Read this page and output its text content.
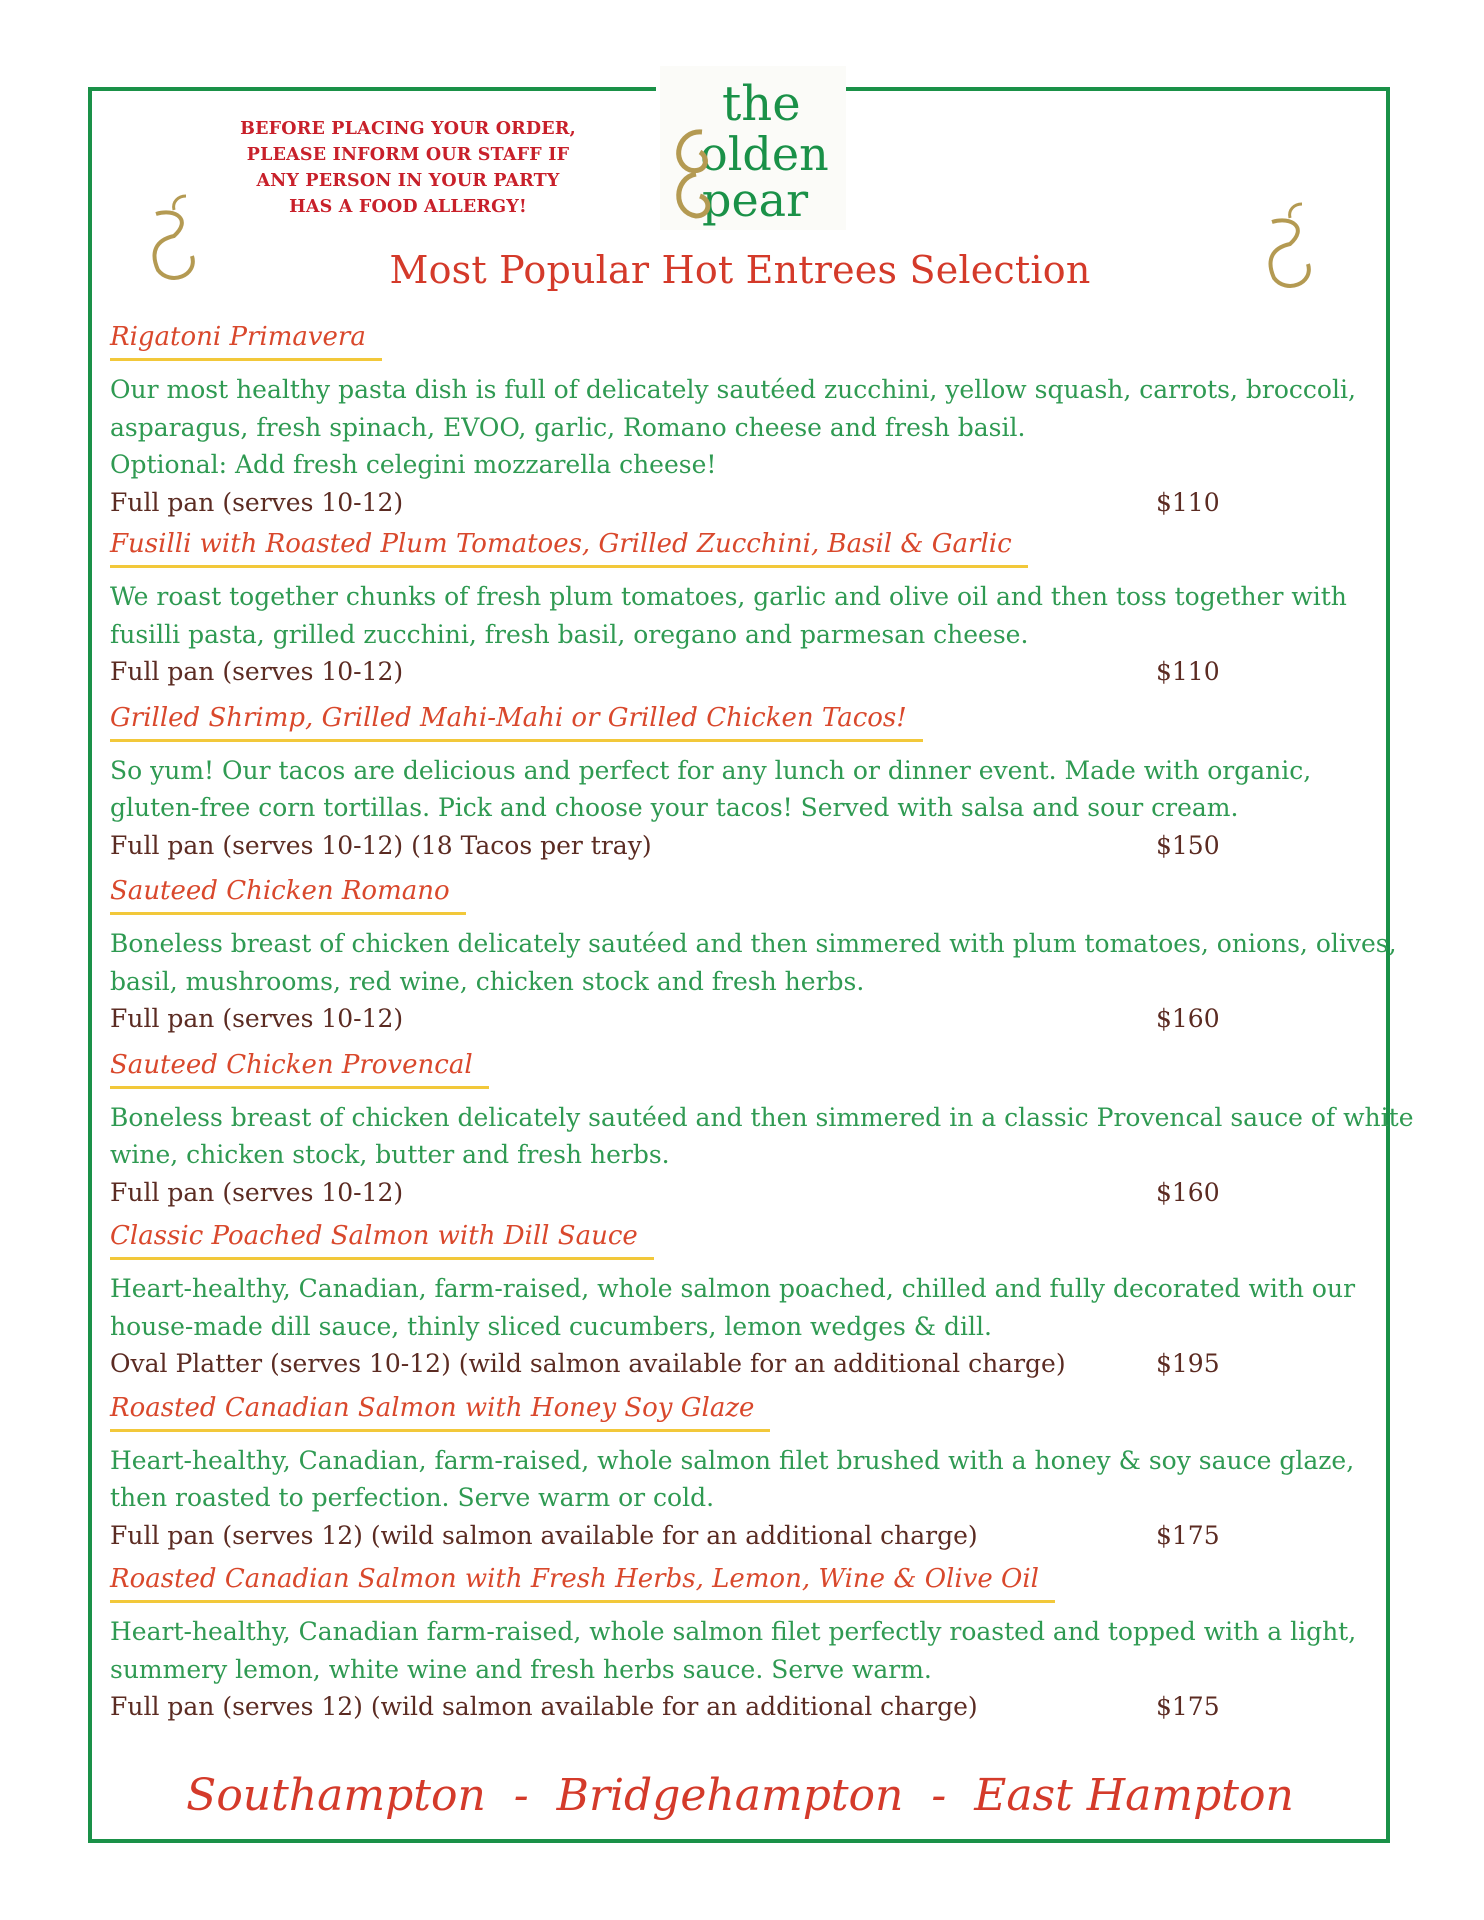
the
olden
pear
BEFORE PLACING YOUR ORDER,
PLEASE INFORM OUR STAFF IF
ANY PERSON IN YOUR PARTY
HAS A FOOD ALLERGY!
Most Popular Hot Entrees Selection
Rigatoni Primavera
Our most healthy pasta dish is full of delicately sautéed zucchini, yellow squash, carrots, broccoli,
asparagus, fresh spinach, EVOO, garlic, Romano cheese and fresh basil.
Optional: Add fresh celegini mozzarella cheese!
Full pan (serves 10-12)	$110
Fusilli with Roasted Plum Tomatoes, Grilled Zucchini, Basil & Garlic
We roast together chunks of fresh plum tomatoes, garlic and olive oil and then toss together with
fusilli pasta, grilled zucchini, fresh basil, oregano and parmesan cheese.
Full pan (serves 10-12)	$110
Grilled Shrimp, Grilled Mahi-Mahi or Grilled Chicken Tacos!
So yum! Our tacos are delicious and perfect for any lunch or dinner event. Made with organic,
gluten-free corn tortillas. Pick and choose your tacos! Served with salsa and sour cream.
Full pan (serves 10-12) (18 Tacos per tray)	$150
Sauteed Chicken Romano
Boneless breast of chicken delicately sautéed and then simmered with plum tomatoes, onions, olives,
basil, mushrooms, red wine, chicken stock and fresh herbs.
Full pan (serves 10-12)	$160
Sauteed Chicken Provencal
Boneless breast of chicken delicately sautéed and then simmered in a classic Provencal sauce of white
wine, chicken stock, butter and fresh herbs.
Full pan (serves 10-12)	$160
Classic Poached Salmon with Dill Sauce
Heart-healthy, Canadian, farm-raised, whole salmon poached, chilled and fully decorated with our
house-made dill sauce, thinly sliced cucumbers, lemon wedges & dill.
Oval Platter (serves 10-12) (wild salmon available for an additional charge)	$195
Roasted Canadian Salmon with Honey Soy Glaze
Heart-healthy, Canadian, farm-raised, whole salmon filet brushed with a honey & soy sauce glaze,
then roasted to perfection. Serve warm or cold.
Full pan (serves 12) (wild salmon available for an additional charge)	$175
Roasted Canadian Salmon with Fresh Herbs, Lemon, Wine & Olive Oil
Heart-healthy, Canadian farm-raised, whole salmon filet perfectly roasted and topped with a light,
summery lemon, white wine and fresh herbs sauce. Serve warm.
Full pan (serves 12) (wild salmon available for an additional charge)	$175
Southampton  -  Bridgehampton  -  East Hampton
